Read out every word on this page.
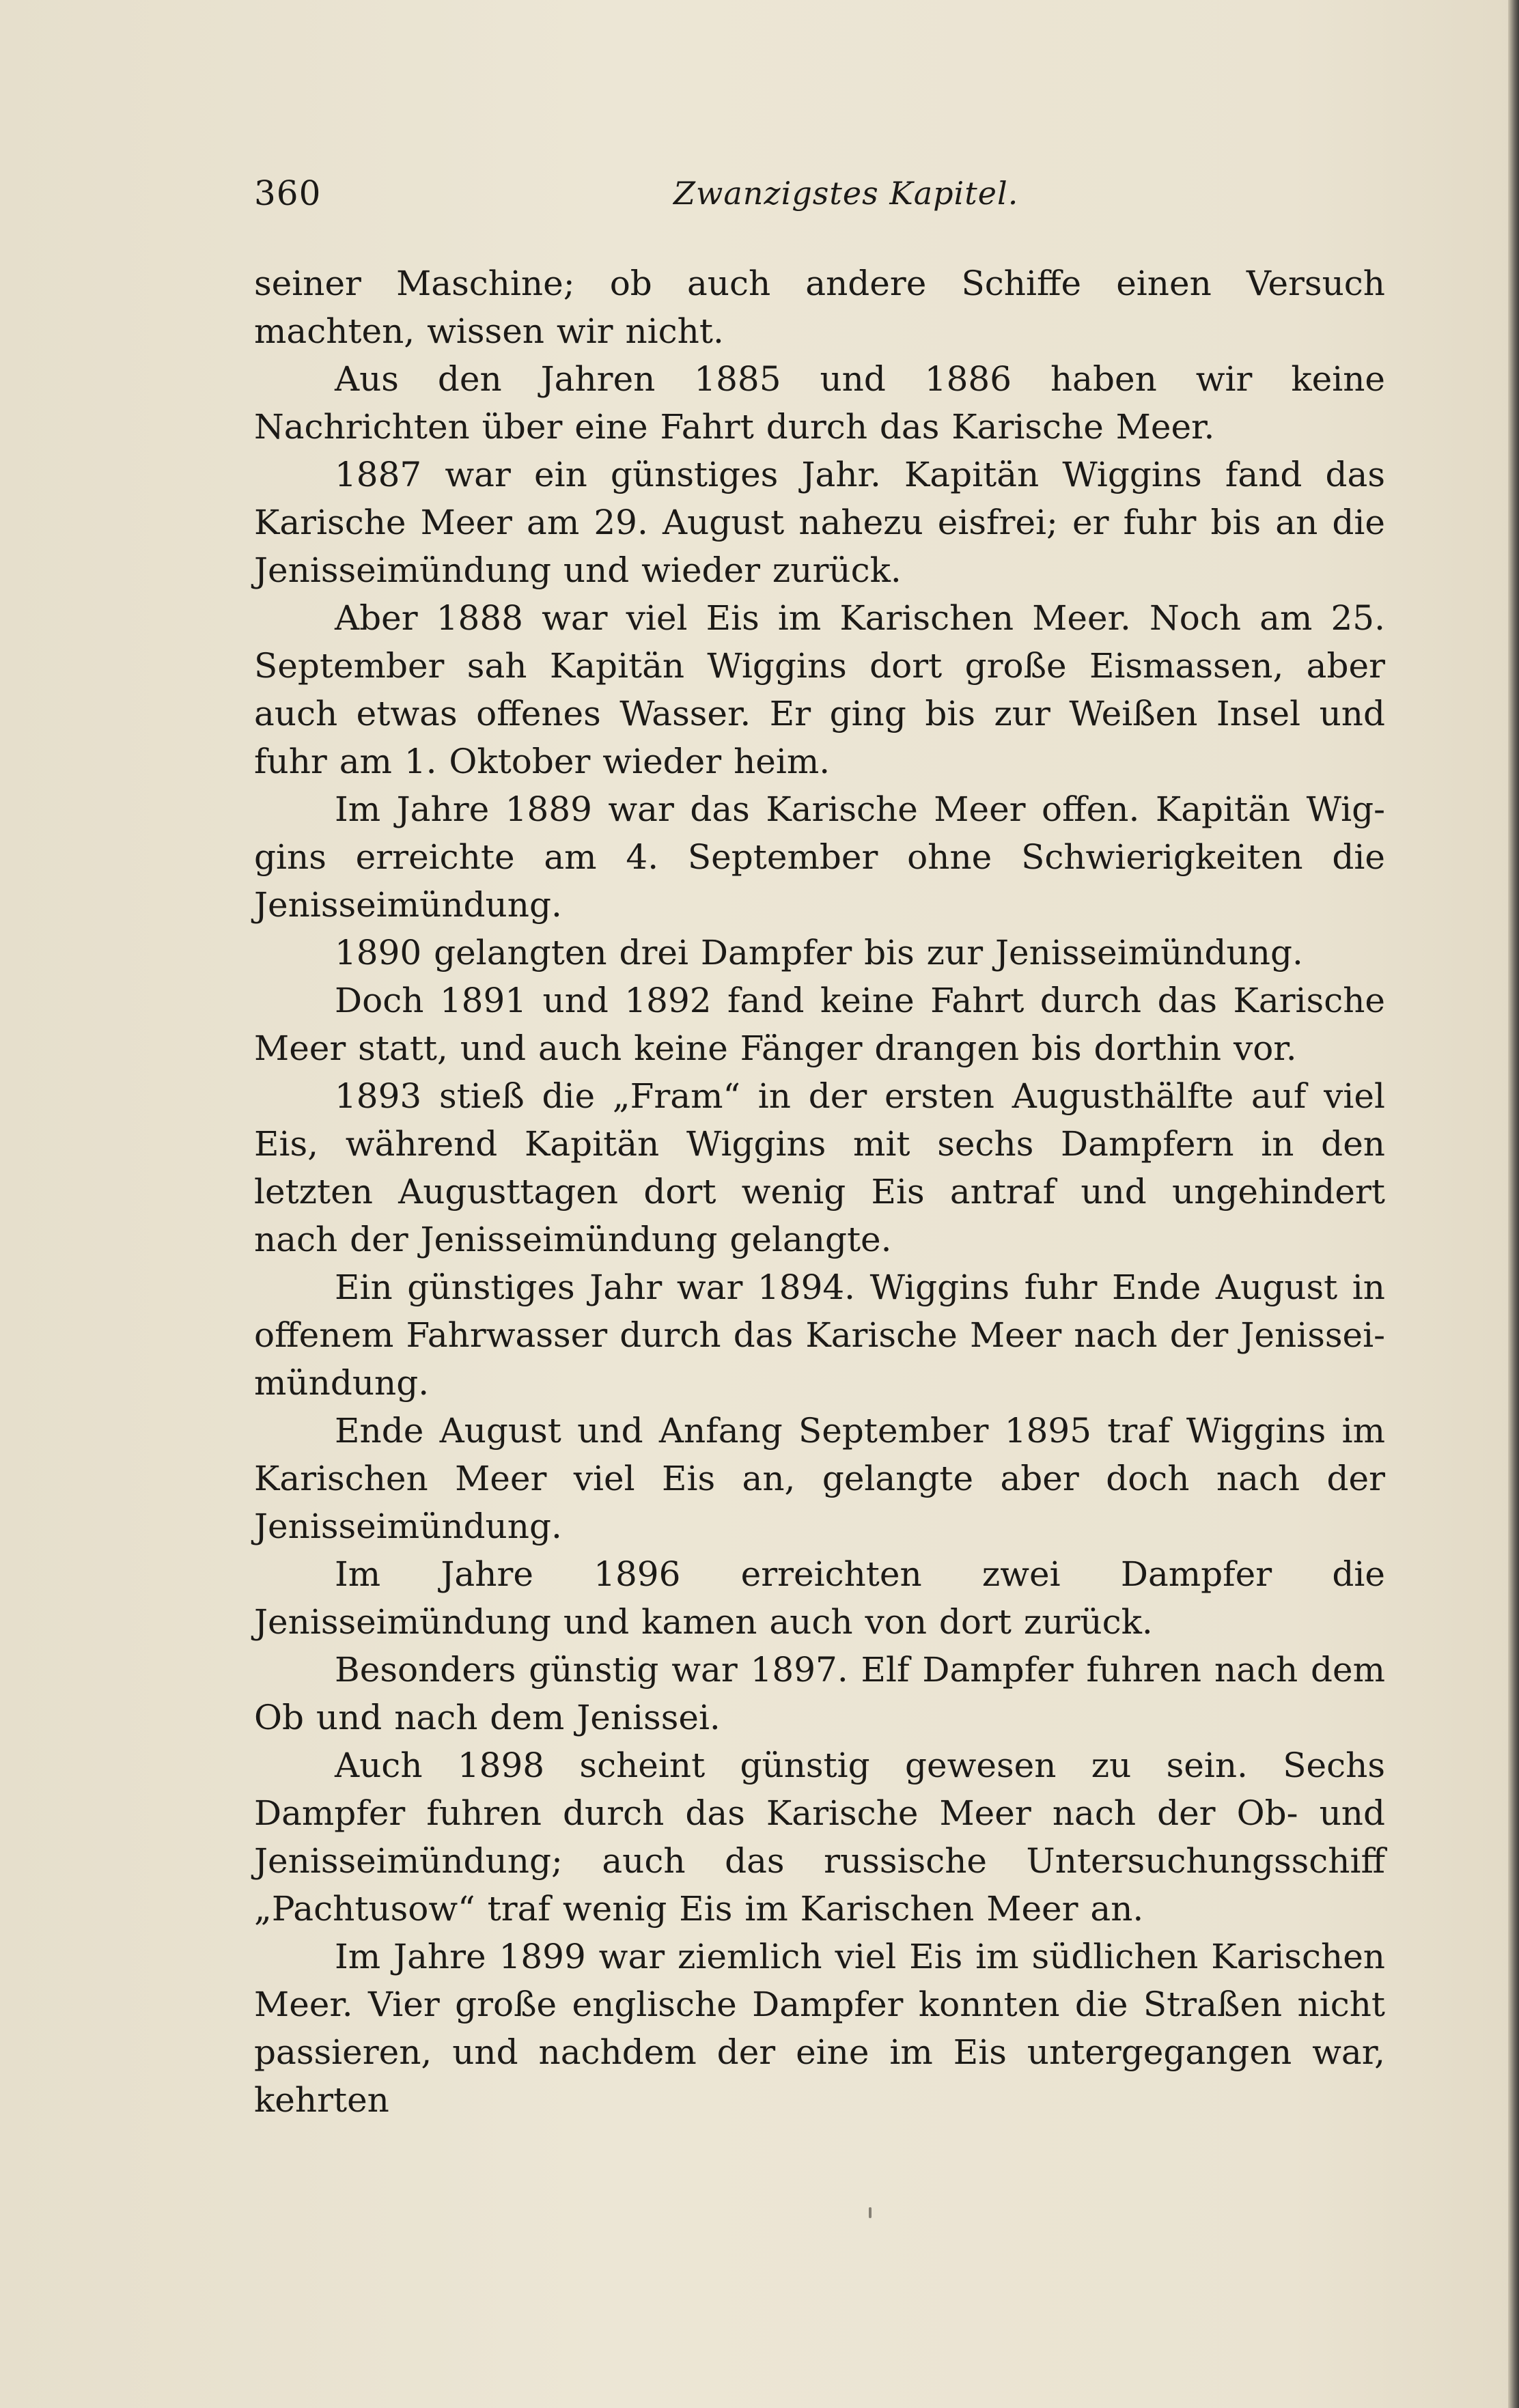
360	Zwanzigstes Kapitel.

seiner Maschine; ob auch andere Schiffe einen Versuch machten, wissen wir nicht.

Aus den Jahren 1885 und 1886 haben wir keine Nachrichten über eine Fahrt durch das Karische Meer.

1887 war ein günstiges Jahr. Kapitän Wiggins fand das Karische Meer am 29. August nahezu eisfrei; er fuhr bis an die Jenisseimündung und wieder zurück.

Aber 1888 war viel Eis im Karischen Meer. Noch am 25. September sah Kapitän Wiggins dort große Eismassen, aber auch etwas offenes Wasser. Er ging bis zur Weißen Insel und fuhr am 1. Oktober wieder heim.

Im Jahre 1889 war das Karische Meer offen. Kapitän Wiggins erreichte am 4. September ohne Schwierigkeiten die Jenisseimündung.

1890 gelangten drei Dampfer bis zur Jenisseimündung.

Doch 1891 und 1892 fand keine Fahrt durch das Karische Meer statt, und auch keine Fänger drangen bis dorthin vor.

1893 stieß die „Fram“ in der ersten Augusthälfte auf viel Eis, während Kapitän Wiggins mit sechs Dampfern in den letzten Augusttagen dort wenig Eis antraf und ungehindert nach der Jenisseimündung gelangte.

Ein günstiges Jahr war 1894. Wiggins fuhr Ende August in offenem Fahrwasser durch das Karische Meer nach der Jenisseimündung.

Ende August und Anfang September 1895 traf Wiggins im Karischen Meer viel Eis an, gelangte aber doch nach der Jenisseimündung.

Im Jahre 1896 erreichten zwei Dampfer die Jenisseimündung und kamen auch von dort zurück.

Besonders günstig war 1897. Elf Dampfer fuhren nach dem Ob und nach dem Jenissei.

Auch 1898 scheint günstig gewesen zu sein. Sechs Dampfer fuhren durch das Karische Meer nach der Ob- und Jenisseimündung; auch das russische Untersuchungsschiff „Pachtusow“ traf wenig Eis im Karischen Meer an.

Im Jahre 1899 war ziemlich viel Eis im südlichen Karischen Meer. Vier große englische Dampfer konnten die Straßen nicht passieren, und nachdem der eine im Eis untergegangen war, kehrten
